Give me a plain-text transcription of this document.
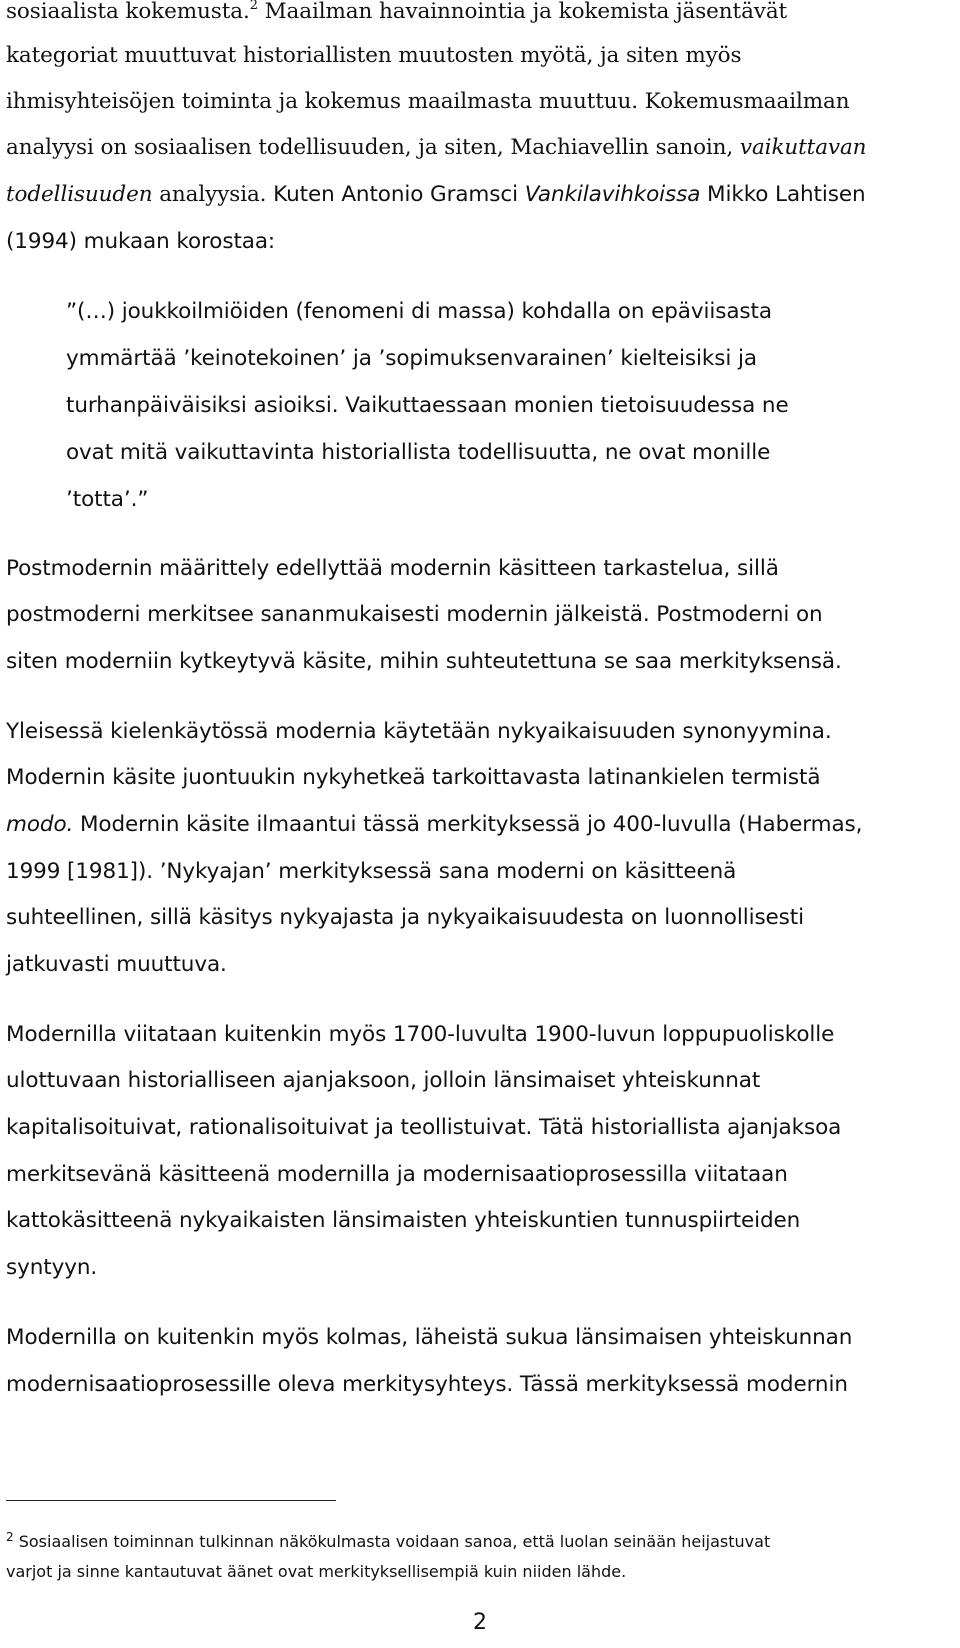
sosiaalista kokemusta.$^2$ Maailman havainnointia ja kokemista jäsentävät
kategoriat muuttuvat historiallisten muutosten myötä, ja siten myös
ihmisyhteisöjen toiminta ja kokemus maailmasta muuttuu. Kokemusmaailman
analyysi on sosiaalisen todellisuuden, ja siten, Machiavellin sanoin, vaikuttavan
todellisuuden analyysia. Kuten Antonio Gramsci Vankilavihkoissa Mikko Lahtisen
(1994) mukaan korostaa:
”(…) joukkoilmiöiden (fenomeni di massa) kohdalla on epäviisasta
ymmärtää ’keinotekoinen’ ja ’sopimuksenvarainen’ kielteisiksi ja
turhanpäiväisiksi asioiksi. Vaikuttaessaan monien tietoisuudessa ne
ovat mitä vaikuttavinta historiallista todellisuutta, ne ovat monille
’totta’.”
Postmodernin määrittely edellyttää modernin käsitteen tarkastelua, sillä
postmoderni merkitsee sananmukaisesti modernin jälkeistä. Postmoderni on
siten moderniin kytkeytyvä käsite, mihin suhteutettuna se saa merkityksensä.
Yleisessä kielenkäytössä modernia käytetään nykyaikaisuuden synonyymina.
Modernin käsite juontuukin nykyhetkeä tarkoittavasta latinankielen termistä
modo. Modernin käsite ilmaantui tässä merkityksessä jo 400-luvulla (Habermas,
1999 [1981]). ’Nykyajan’ merkityksessä sana moderni on käsitteenä
suhteellinen, sillä käsitys nykyajasta ja nykyaikaisuudesta on luonnollisesti
jatkuvasti muuttuva.
Modernilla viitataan kuitenkin myös 1700-luvulta 1900-luvun loppupuoliskolle
ulottuvaan historialliseen ajanjaksoon, jolloin länsimaiset yhteiskunnat
kapitalisoituivat, rationalisoituivat ja teollistuivat. Tätä historiallista ajanjaksoa
merkitsevänä käsitteenä modernilla ja modernisaatioprosessilla viitataan
kattokäsitteenä nykyaikaisten länsimaisten yhteiskuntien tunnuspiirteiden
syntyyn.
Modernilla on kuitenkin myös kolmas, läheistä sukua länsimaisen yhteiskunnan
modernisaatioprosessille oleva merkitysyhteys. Tässä merkityksessä modernin
$^2$ Sosiaalisen toiminnan tulkinnan näkökulmasta voidaan sanoa, että luolan seinään heijastuvat
varjot ja sinne kantautuvat äänet ovat merkityksellisempiä kuin niiden lähde.
2
